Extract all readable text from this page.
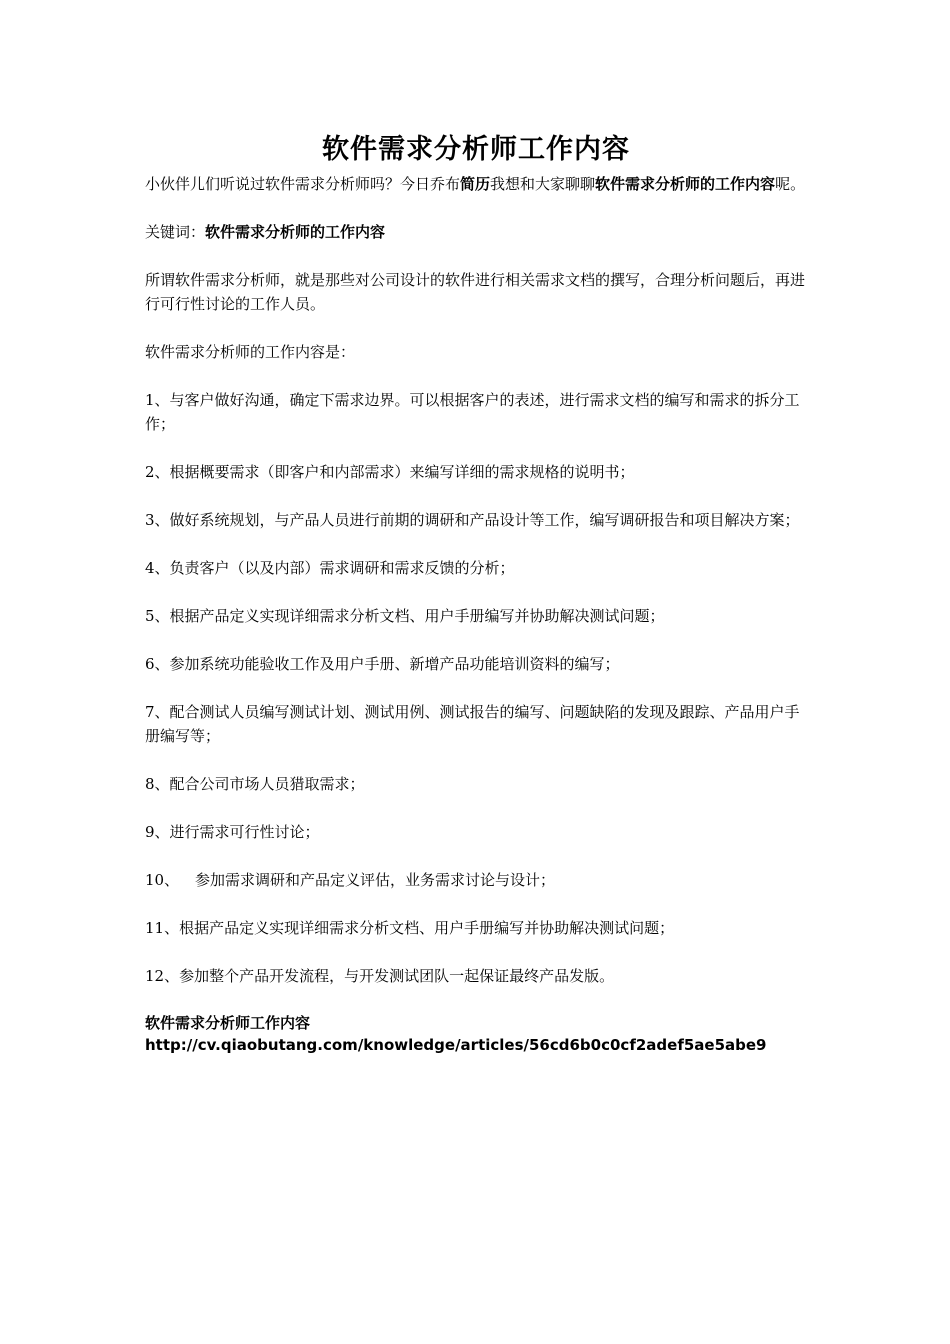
软件需求分析师工作内容

小伙伴儿们听说过软件需求分析师吗？今日乔布简历我想和大家聊聊软件需求分析师的工作内容呢。

关键词：软件需求分析师的工作内容

所谓软件需求分析师，就是那些对公司设计的软件进行相关需求文档的撰写，合理分析问题后，再进行可行性讨论的工作人员。

软件需求分析师的工作内容是：

1、与客户做好沟通，确定下需求边界。可以根据客户的表述，进行需求文档的编写和需求的拆分工作；

2、根据概要需求（即客户和内部需求）来编写详细的需求规格的说明书；

3、做好系统规划，与产品人员进行前期的调研和产品设计等工作，编写调研报告和项目解决方案；

4、负责客户（以及内部）需求调研和需求反馈的分析；

5、根据产品定义实现详细需求分析文档、用户手册编写并协助解决测试问题；

6、参加系统功能验收工作及用户手册、新增产品功能培训资料的编写；

7、配合测试人员编写测试计划、测试用例、测试报告的编写、问题缺陷的发现及跟踪、产品用户手册编写等；

8、配合公司市场人员猎取需求；

9、进行需求可行性讨论；

10、 参加需求调研和产品定义评估，业务需求讨论与设计；

11、根据产品定义实现详细需求分析文档、用户手册编写并协助解决测试问题；

12、参加整个产品开发流程，与开发测试团队一起保证最终产品发版。

软件需求分析师工作内容

http://cv.qiaobutang.com/knowledge/articles/56cd6b0c0cf2adef5ae5abe9
